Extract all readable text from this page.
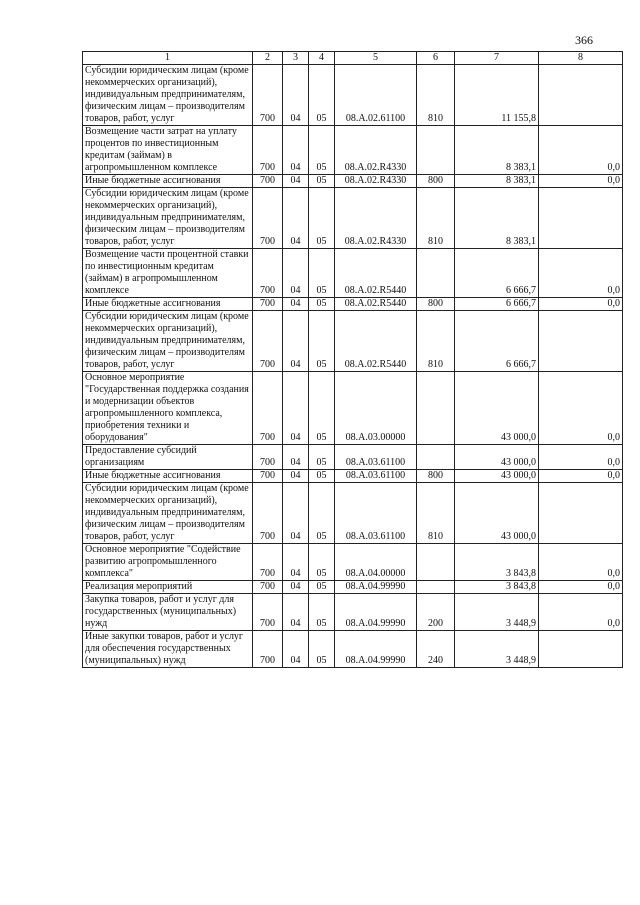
366
1	2	3	4	5	6	7	8
Субсидии юридическим лицам (кроме некоммерческих организаций), индивидуальным предпринимателям, физическим лицам – производителям товаров, работ, услуг	700	04	05	08.А.02.61100	810	11 155,8	
Возмещение части затрат на уплату процентов по инвестиционным кредитам (займам) в агропромышленном комплексе	700	04	05	08.А.02.R4330		8 383,1	0,0
Иные бюджетные ассигнования	700	04	05	08.А.02.R4330	800	8 383,1	0,0
Субсидии юридическим лицам (кроме некоммерческих организаций), индивидуальным предпринимателям, физическим лицам – производителям товаров, работ, услуг	700	04	05	08.А.02.R4330	810	8 383,1	
Возмещение части процентной ставки по инвестиционным кредитам (займам) в агропромышленном комплексе	700	04	05	08.А.02.R5440		6 666,7	0,0
Иные бюджетные ассигнования	700	04	05	08.А.02.R5440	800	6 666,7	0,0
Субсидии юридическим лицам (кроме некоммерческих организаций), индивидуальным предпринимателям, физическим лицам – производителям товаров, работ, услуг	700	04	05	08.А.02.R5440	810	6 666,7	
Основное мероприятие "Государственная поддержка создания и модернизации объектов агропромышленного комплекса, приобретения техники и оборудования"	700	04	05	08.А.03.00000		43 000,0	0,0
Предоставление субсидий организациям	700	04	05	08.А.03.61100		43 000,0	0,0
Иные бюджетные ассигнования	700	04	05	08.А.03.61100	800	43 000,0	0,0
Субсидии юридическим лицам (кроме некоммерческих организаций), индивидуальным предпринимателям, физическим лицам – производителям товаров, работ, услуг	700	04	05	08.А.03.61100	810	43 000,0	
Основное мероприятие "Содействие развитию агропромышленного комплекса"	700	04	05	08.А.04.00000		3 843,8	0,0
Реализация мероприятий	700	04	05	08.А.04.99990		3 843,8	0,0
Закупка товаров, работ и услуг для государственных (муниципальных) нужд	700	04	05	08.А.04.99990	200	3 448,9	0,0
Иные закупки товаров, работ и услуг для обеспечения государственных (муниципальных) нужд	700	04	05	08.А.04.99990	240	3 448,9	
